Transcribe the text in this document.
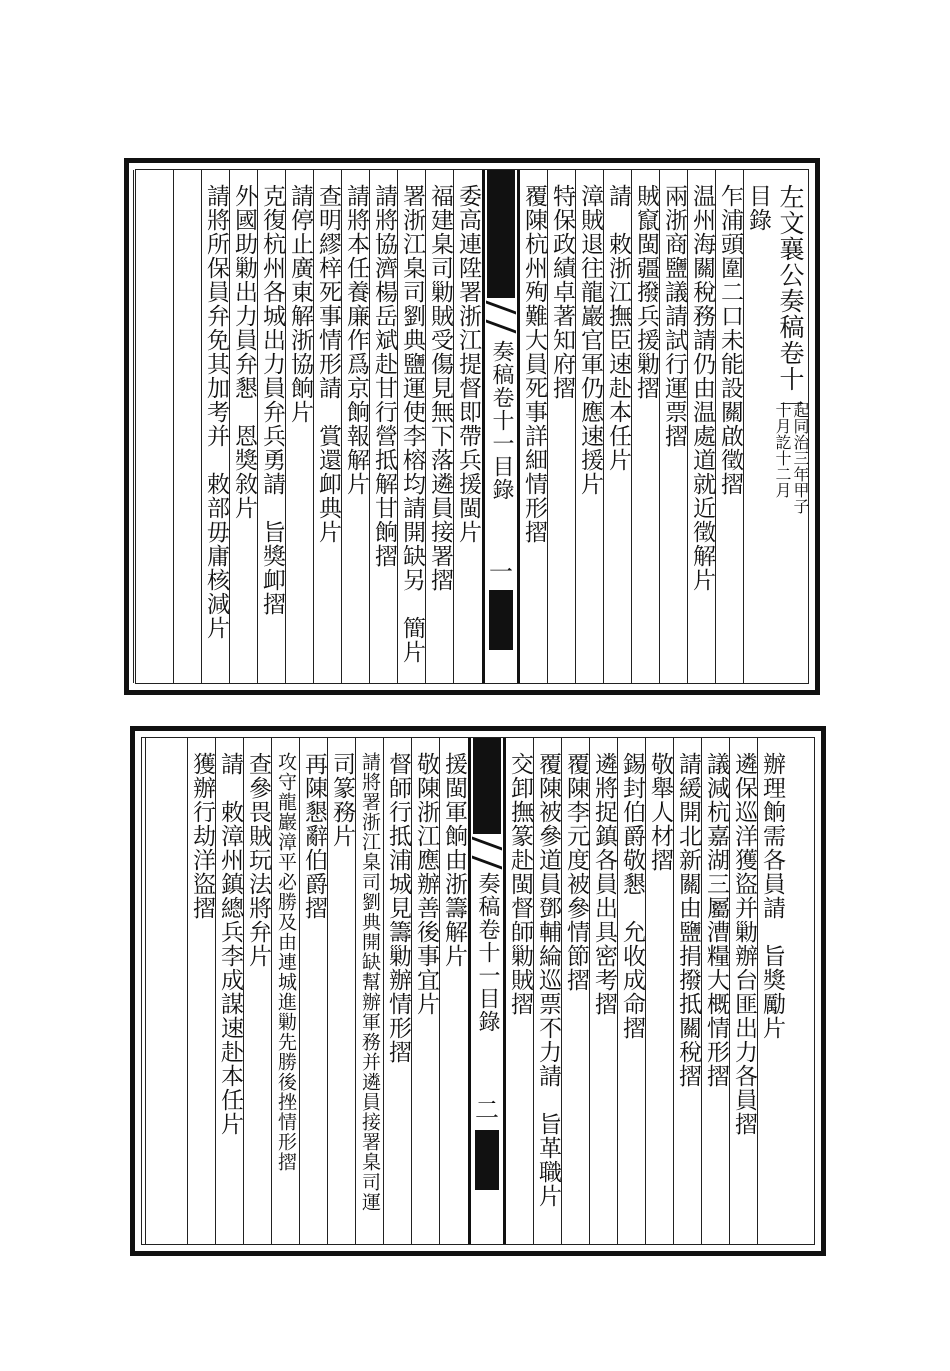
左文襄公奏稿卷十一
起同治三年甲子
十月訖十二月
目錄
乍浦頭圍二口未能設關啟徵摺
温州海關稅務請仍由温處道就近徵解片
兩浙商鹽議請試行運票摺
賊竄閩疆撥兵援勦摺
請　敕浙江撫臣速赴本任片
漳賊退往龍巖官軍仍應速援片
特保政績卓著知府摺
覆陳杭州殉難大員死事詳細情形摺
奏稿卷十一目錄
一
委高連陞署浙江提督即帶兵援閩片
福建臬司勦賊受傷見無下落遴員接署摺
署浙江臬司劉典鹽運使李榕均請開缺另　簡片
請將協濟楊岳斌赴甘行營抵解甘餉摺
請將本任養廉作爲京餉報解片
查明繆梓死事情形請　賞還卹典片
請停止廣東解浙協餉片
克復杭州各城出力員弁兵勇請　旨獎卹摺
外國助勦出力員弁懇　恩獎敘片
請將所保員弁免其加考并　敕部毋庸核減片
辦理餉需各員請　旨獎勵片
遴保巡洋獲盜并勦辦台匪出力各員摺
議減杭嘉湖三屬漕糧大概情形摺
請緩開北新關由鹽捐撥抵關稅摺
敬舉人材摺
錫封伯爵敬懇　允收成命摺
遴將捉鎮各員出具密考摺
覆陳李元度被參情節摺
覆陳被參道員鄧輔綸巡票不力請　旨革職片
交卸撫篆赴閩督師勦賊摺
奏稿卷十一目錄
二
援閩軍餉由浙籌解片
敬陳浙江應辦善後事宜片
督師行抵浦城見籌勦辦情形摺
請將署浙江臬司劉典開缺幫辦軍務并遴員接署臬司運
司篆務片
再陳懇辭伯爵摺
攻守龍巖漳平必勝及由連城進勦先勝後挫情形摺
查參畏賊玩法將弁片
請　敕漳州鎮總兵李成謀速赴本任片
獲辦行劫洋盜摺
